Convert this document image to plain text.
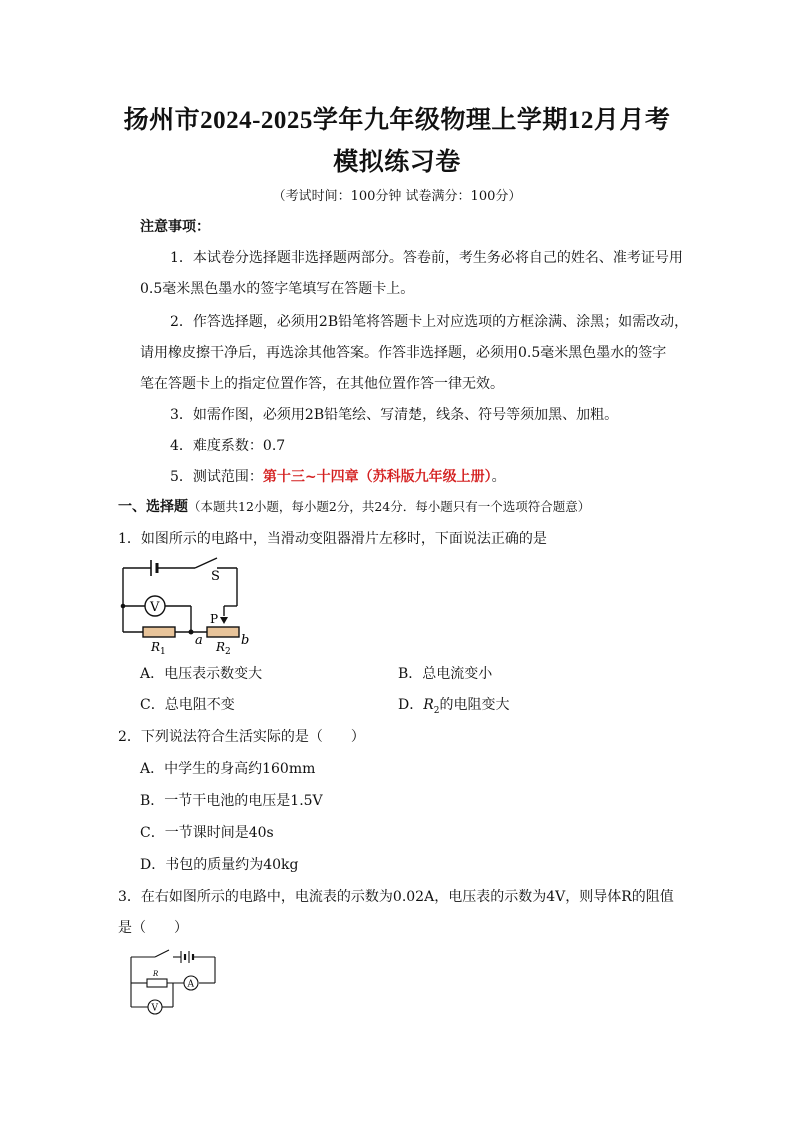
扬州市2024-2025学年九年级物理上学期12月月考
模拟练习卷
（考试时间：100分钟 试卷满分：100分）
注意事项：
1．本试卷分选择题非选择题两部分。答卷前，考生务必将自己的姓名、准考证号用
0.5毫米黑色墨水的签字笔填写在答题卡上。
2．作答选择题，必须用2B铅笔将答题卡上对应选项的方框涂满、涂黑；如需改动，
请用橡皮擦干净后，再选涂其他答案。作答非选择题，必须用0.5毫米黑色墨水的签字
笔在答题卡上的指定位置作答，在其他位置作答一律无效。
3．如需作图，必须用2B铅笔绘、写清楚，线条、符号等须加黑、加粗。
4．难度系数：0.7
5．测试范围：第十三~十四章（苏科版九年级上册）。
一、选择题（本题共12小题，每小题2分，共24分．每小题只有一个选项符合题意）
1．如图所示的电路中，当滑动变阻器滑片左移时，下面说法正确的是
S
V
P
R 1	R 2
a	b
A．电压表示数变大	B．总电流变小
C．总电阻不变	D．$R_2$的电阻变大
2．下列说法符合生活实际的是（　　）
A．中学生的身高约160mm
B．一节干电池的电压是1.5V
C．一节课时间是40s
D．书包的质量约为40kg
3．在右如图所示的电路中，电流表的示数为0.02A，电压表的示数为4V，则导体R的阻值
是（　　）
R
A
V
